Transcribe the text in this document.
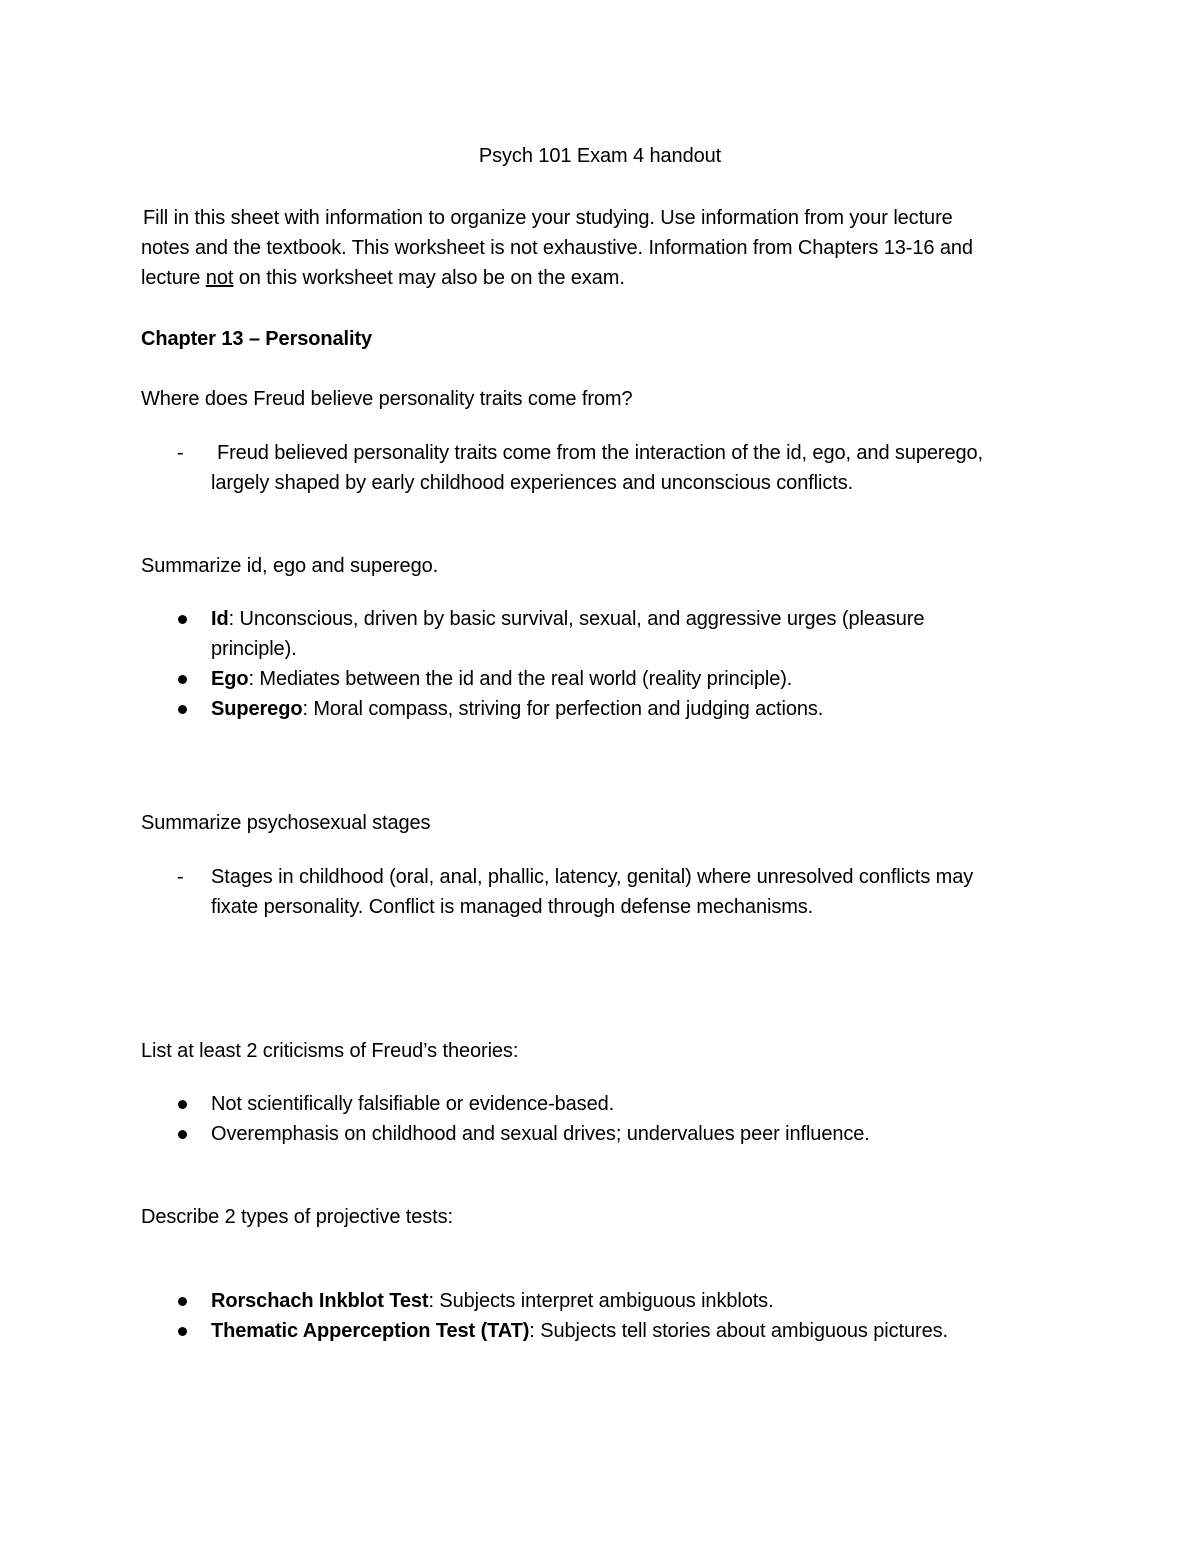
Psych 101 Exam 4 handout
Fill in this sheet with information to organize your studying. Use information from your lecture
notes and the textbook. This worksheet is not exhaustive. Information from Chapters 13-16 and
lecture not on this worksheet may also be on the exam.
Chapter 13 – Personality
Where does Freud believe personality traits come from?
- Freud believed personality traits come from the interaction of the id, ego, and superego,
largely shaped by early childhood experiences and unconscious conflicts.
Summarize id, ego and superego.
Id: Unconscious, driven by basic survival, sexual, and aggressive urges (pleasure
principle).
Ego: Mediates between the id and the real world (reality principle).
Superego: Moral compass, striving for perfection and judging actions.
Summarize psychosexual stages
- Stages in childhood (oral, anal, phallic, latency, genital) where unresolved conflicts may
fixate personality. Conflict is managed through defense mechanisms.
List at least 2 criticisms of Freud’s theories:
Not scientifically falsifiable or evidence-based.
Overemphasis on childhood and sexual drives; undervalues peer influence.
Describe 2 types of projective tests:
Rorschach Inkblot Test: Subjects interpret ambiguous inkblots.
Thematic Apperception Test (TAT): Subjects tell stories about ambiguous pictures.
